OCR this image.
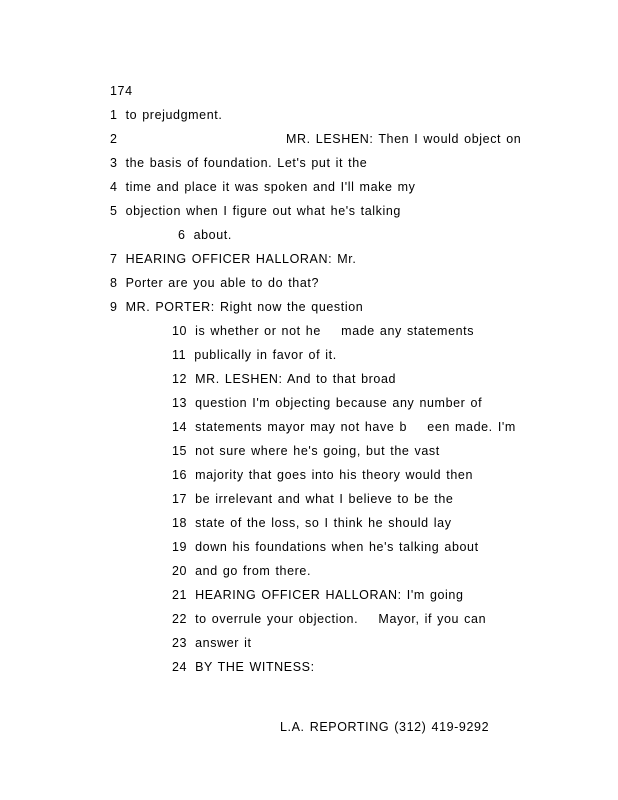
174
1 to prejudgment.
2	MR. LESHEN: Then I would object on
3 the basis of foundation. Let's put it the
4 time and place it was spoken and I'll make my
5 objection when I figure out what he's talking
6 about.
7 HEARING OFFICER HALLORAN: Mr.
8 Porter are you able to do that?
9 MR. PORTER: Right now the question
10 is whether or not he    made any statements
11 publically in favor of it.
12 MR. LESHEN: And to that broad
13 question I'm objecting because any number of
14 statements mayor may not have b    een made. I'm
15 not sure where he's going, but the vast
16 majority that goes into his theory would then
17 be irrelevant and what I believe to be the
18 state of the loss, so I think he should lay
19 down his foundations when he's talking about
20 and go from there.
21 HEARING OFFICER HALLORAN: I'm going
22 to overrule your objection.    Mayor, if you can
23 answer it
24 BY THE WITNESS:
L.A. REPORTING (312) 419-9292
